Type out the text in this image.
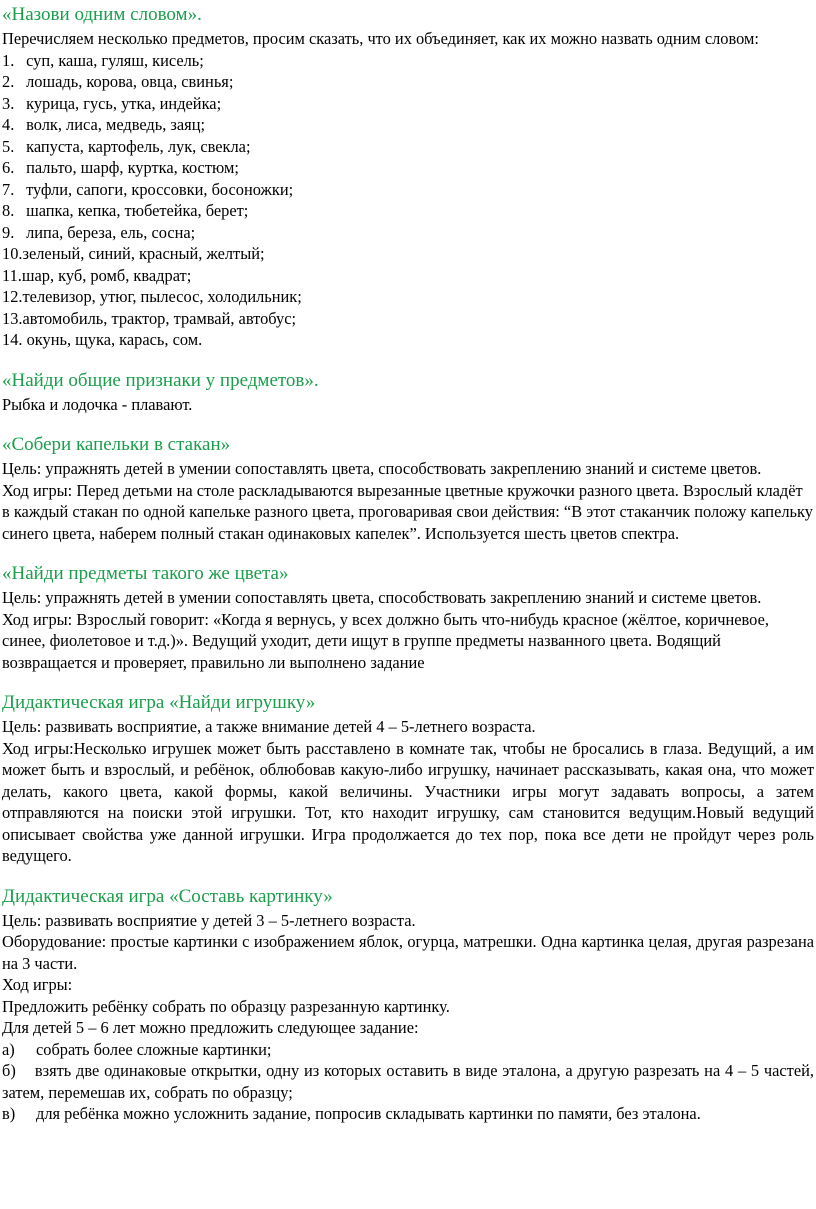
«Назови одним словом».

Перечисляем несколько предметов, просим сказать, что их объединяет, как их можно назвать одним словом:

1. суп, каша, гуляш, кисель;
2. лошадь, корова, овца, свинья;
3. курица, гусь, утка, индейка;
4. волк, лиса, медведь, заяц;
5. капуста, картофель, лук, свекла;
6. пальто, шарф, куртка, костюм;
7. туфли, сапоги, кроссовки, босоножки;
8. шапка, кепка, тюбетейка, берет;
9. липа, береза, ель, сосна;
10.зеленый, синий, красный, желтый;
11.шар, куб, ромб, квадрат;
12.телевизор, утюг, пылесос, холодильник;
13.автомобиль, трактор, трамвай, автобус;
14. окунь, щука, карась, сом.
«Найди общие признаки у предметов».

Рыбка и лодочка - плавают.

«Собери капельки в стакан»

Цель: упражнять детей в умении сопоставлять цвета, способствовать закреплению знаний и системе цветов.

Ход игры: Перед детьми на столе раскладываются вырезанные цветные кружочки разного цвета. Взрослый кладёт в каждый стакан по одной капельке разного цвета, проговаривая свои действия: “В этот стаканчик положу капельку синего цвета, наберем полный стакан одинаковых капелек”. Используется шесть цветов спектра.

«Найди предметы такого же цвета»

Цель: упражнять детей в умении сопоставлять цвета, способствовать закреплению знаний и системе цветов.

Ход игры: Взрослый говорит: «Когда я вернусь, у всех должно быть что-нибудь красное (жёлтое, коричневое, синее, фиолетовое и т.д.)». Ведущий уходит, дети ищут в группе предметы названного цвета. Водящий возвращается и проверяет, правильно ли выполнено задание

Дидактическая игра «Найди игрушку»

Цель: развивать восприятие, а также внимание детей 4 – 5-летнего возраста.

Ход игры:Несколько игрушек может быть расставлено в комнате так, чтобы не бросались в глаза. Ведущий, а им может быть и взрослый, и ребёнок, облюбовав какую-либо игрушку, начинает рассказывать, какая она, что может делать, какого цвета, какой формы, какой величины. Участники игры могут задавать вопросы, а затем отправляются на поиски этой игрушки. Тот, кто находит игрушку, сам становится ведущим.Новый ведущий описывает свойства уже данной игрушки. Игра продолжается до тех пор, пока все дети не пройдут через роль ведущего.

Дидактическая игра «Составь картинку»

Цель: развивать восприятие у детей 3 – 5-летнего возраста.

Оборудование: простые картинки с изображением яблок, огурца, матрешки. Одна картинка целая, другая разрезана на 3 части.

Ход игры:

Предложить ребёнку собрать по образцу разрезанную картинку.

Для детей 5 – 6 лет можно предложить следующее задание:

а)	собрать более сложные картинки;
б) взять две одинаковые открытки, одну из которых оставить в виде эталона, а другую разрезать на 4 – 5 частей, затем, перемешав их, собрать по образцу;
в)	для ребёнка можно усложнить задание, попросив складывать картинки по памяти, без эталона.
